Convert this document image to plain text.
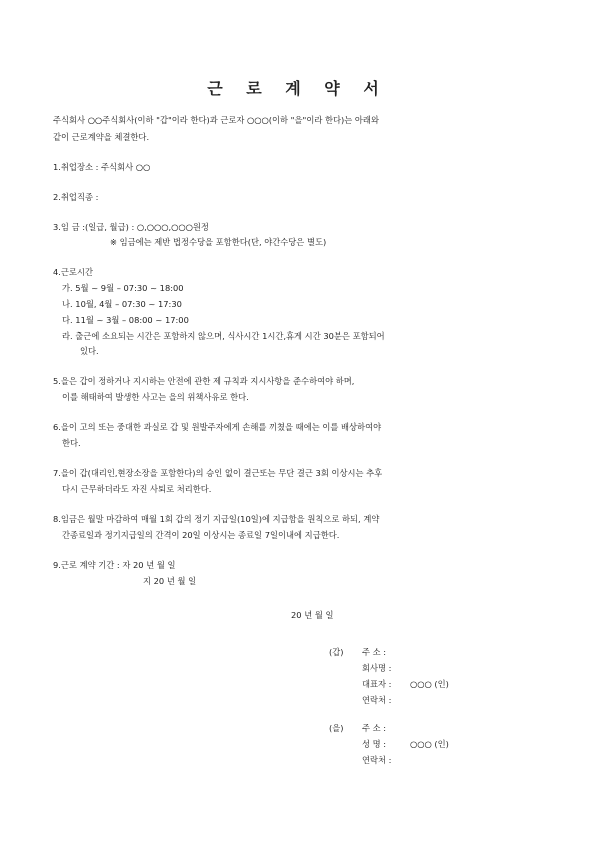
근 로 계 약 서
주식회사 ○○주식회사(이하 "갑"이라 한다)과 근로자 ○○○(이하 "을"이라 한다)는 아래와
같이 근로계약을 체결한다.
1.취업장소 : 주식회사 ○○
2.취업직종 :
3.임 금 :(일급, 월급) : ○,○○○,○○○원정
※ 임금에는 제반 법정수당을 포함한다(단, 야간수당은 별도)
4.근로시간
가. 5월 ~ 9월 – 07:30 ~ 18:00
나. 10월, 4월 – 07:30 ~ 17:30
다. 11월 ~ 3월 – 08:00 ~ 17:00
라. 출근에 소요되는 시간은 포함하지 않으며, 식사시간 1시간,휴게 시간 30분은 포함되어
있다.
5.을은 갑이 정하거나 지시하는 안전에 관한 제 규칙과 지시사항을 준수하여야 하며,
이를 해태하여 발생한 사고는 을의 위책사유로 한다.
6.을이 고의 또는 중대한 과실로 갑 및 원발주자에게 손해를 끼쳤을 때에는 이를 배상하여야
한다.
7.을이 갑(대리인,현장소장을 포함한다)의 승인 없이 결근또는 무단 결근 3회 이상시는 추후
다시 근무하더라도 자진 사퇴로 처리한다.
8.임금은 월말 마감하여 매월 1회 갑의 정기 지급일(10일)에 지급함을 원칙으로 하되, 계약
간종료일과 정기지급일의 간격이 20일 이상시는 종료일 7일이내에 지급한다.
9.근로 계약 기간 : 자 20 년 월 일
지 20 년 월 일
20 년 월 일
(갑) 주 소 :
회사명 :
대표자 : ○○○ (인)
연락처 :
(을) 주 소 :
성 명 :	○○○ (인)
연락처 :
